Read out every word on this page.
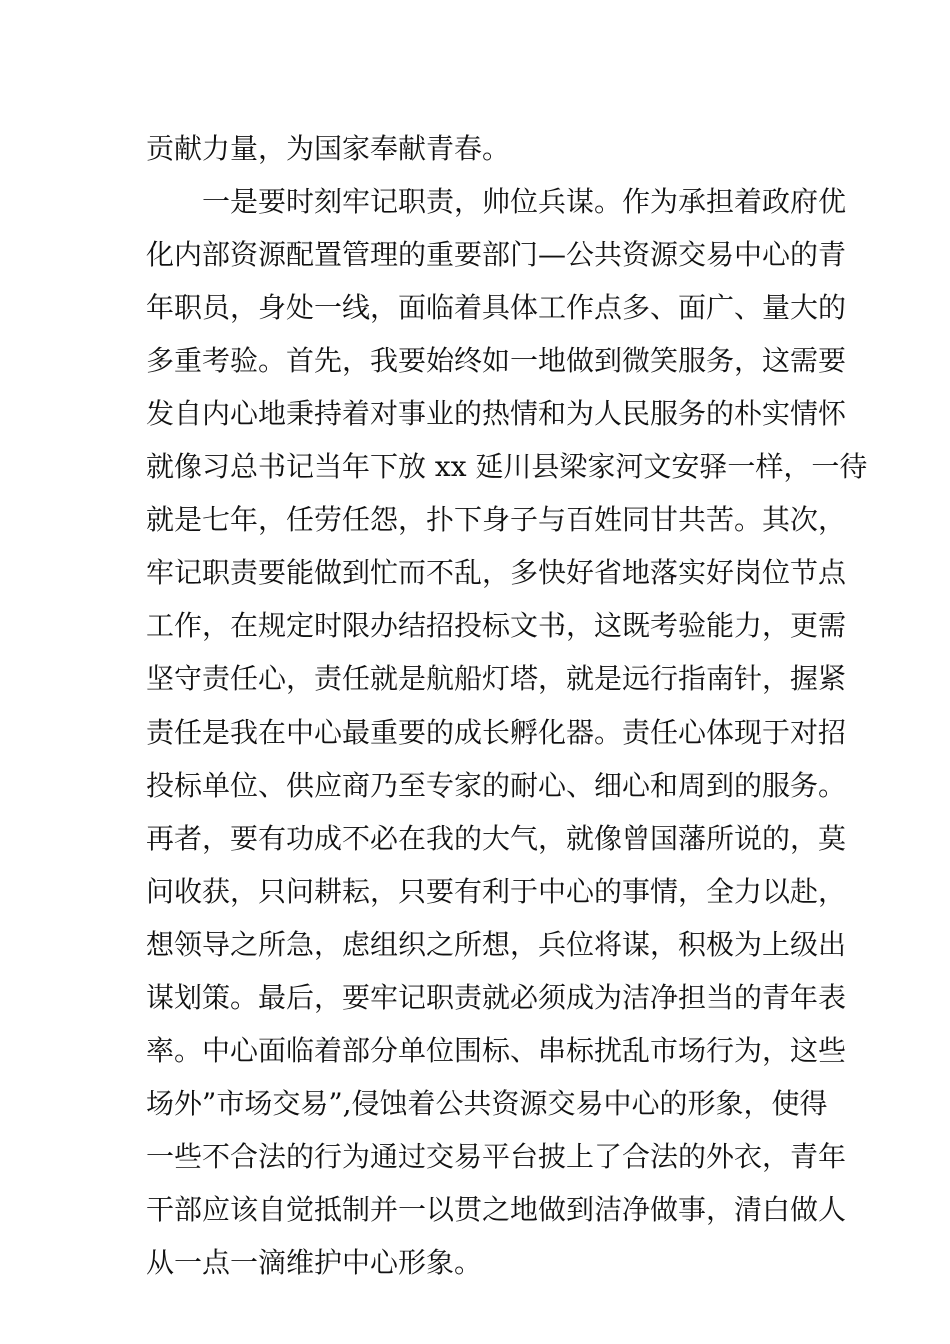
贡献力量，为国家奉献青春。
一是要时刻牢记职责，帅位兵谋。作为承担着政府优
化内部资源配置管理的重要部门—公共资源交易中心的青
年职员，身处一线，面临着具体工作点多、面广、量大的
多重考验。首先，我要始终如一地做到微笑服务，这需要
发自内心地秉持着对事业的热情和为人民服务的朴实情怀
就像习总书记当年下放 xx 延川县梁家河文安驿一样，一待
就是七年，任劳任怨，扑下身子与百姓同甘共苦。其次，
牢记职责要能做到忙而不乱，多快好省地落实好岗位节点
工作，在规定时限办结招投标文书，这既考验能力，更需
坚守责任心，责任就是航船灯塔，就是远行指南针，握紧
责任是我在中心最重要的成长孵化器。责任心体现于对招
投标单位、供应商乃至专家的耐心、细心和周到的服务。
再者，要有功成不必在我的大气，就像曾国藩所说的，莫
问收获，只问耕耘，只要有利于中心的事情，全力以赴，
想领导之所急，虑组织之所想，兵位将谋，积极为上级出
谋划策。最后，要牢记职责就必须成为洁净担当的青年表
率。中心面临着部分单位围标、串标扰乱市场行为，这些
场外”市场交易”,侵蚀着公共资源交易中心的形象，使得
一些不合法的行为通过交易平台披上了合法的外衣，青年
干部应该自觉抵制并一以贯之地做到洁净做事，清白做人
从一点一滴维护中心形象。
